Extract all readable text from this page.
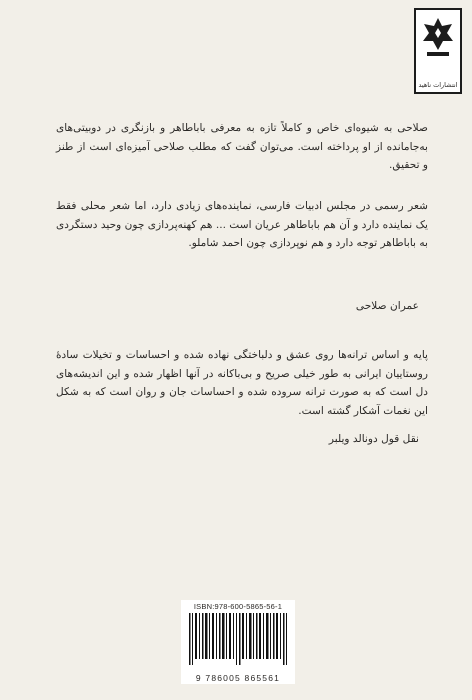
انتشارات ناهید

صلاحی به شیوه‌ای خاص و کاملاً تازه به معرفی باباطاهر و بازنگری در دوبیتی‌های به‌جامانده از او پرداخته است. می‌توان گفت که مطلب صلاحی آمیزه‌ای است از طنز و تحقیق.

شعر رسمی در مجلس ادبیات فارسی، نماینده‌های زیادی دارد، اما شعر محلی فقط یک نماینده دارد و آن هم باباطاهر عریان است ... هم کهنه‌پردازی چون وحید دستگردی به باباطاهر توجه دارد و هم نوپردازی چون احمد شاملو.

عمران صلاحی

پایه و اساس ترانه‌ها روی عشق و دلباختگی نهاده شده و احساسات و تخیلات سادهٔ روستاییان ایرانی به طور خیلی صریح و بی‌باکانه در آنها اظهار شده و این اندیشه‌های دل است که به صورت ترانه سروده شده و احساسات جان و روان است که به شکل این نغمات آشکار گشته است.

نقل قول دونالد ویلبر
ISBN:978-600-5865-56-1
9 786005 865561
